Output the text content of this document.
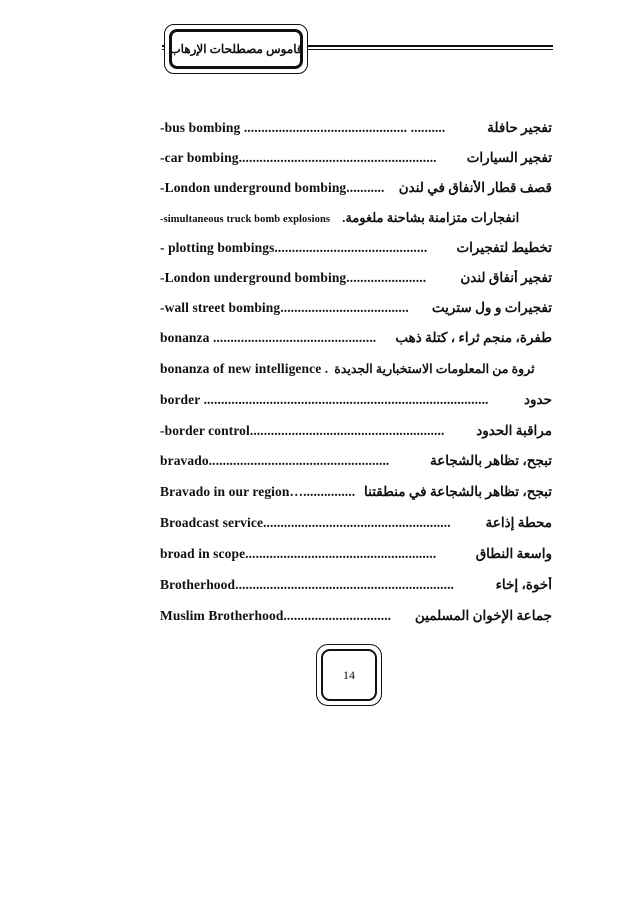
قاموس مصطلحات الإرهاب
-bus bombing ............................................... ..........	تفجير حافلة
-car bombing......................................................... تفجير السيارات
-London underground bombing........... قصف قطار الأنفاق في لندن
-simultaneous truck bomb explosions انفجارات متزامنة بشاحنة ملغومة.
- plotting bombings............................................ تخطيط لتفجيرات
-London underground bombing.......................	تفجير أنفاق لندن
-wall street bombing..................................... تفجيرات و ول ستريت
bonanza ............................................... طفرة، منجم ثراء ، كتلة ذهب
bonanza of new intelligence . ثروة من المعلومات الاستخبارية الجديدة
border ..................................................................................	حدود
-border control........................................................ مراقبة الحدود
bravado....................................................	تبجح، تظاهر بالشجاعة
Bravado in our region…............... تبجح، تظاهر بالشجاعة في منطقتنا
Broadcast service......................................................	محطة إذاعة
broad in scope.......................................................	واسعة النطاق
Brotherhood...............................................................	أخوة، إخاء
Muslim Brotherhood............................... جماعة الإخوان المسلمين
14
